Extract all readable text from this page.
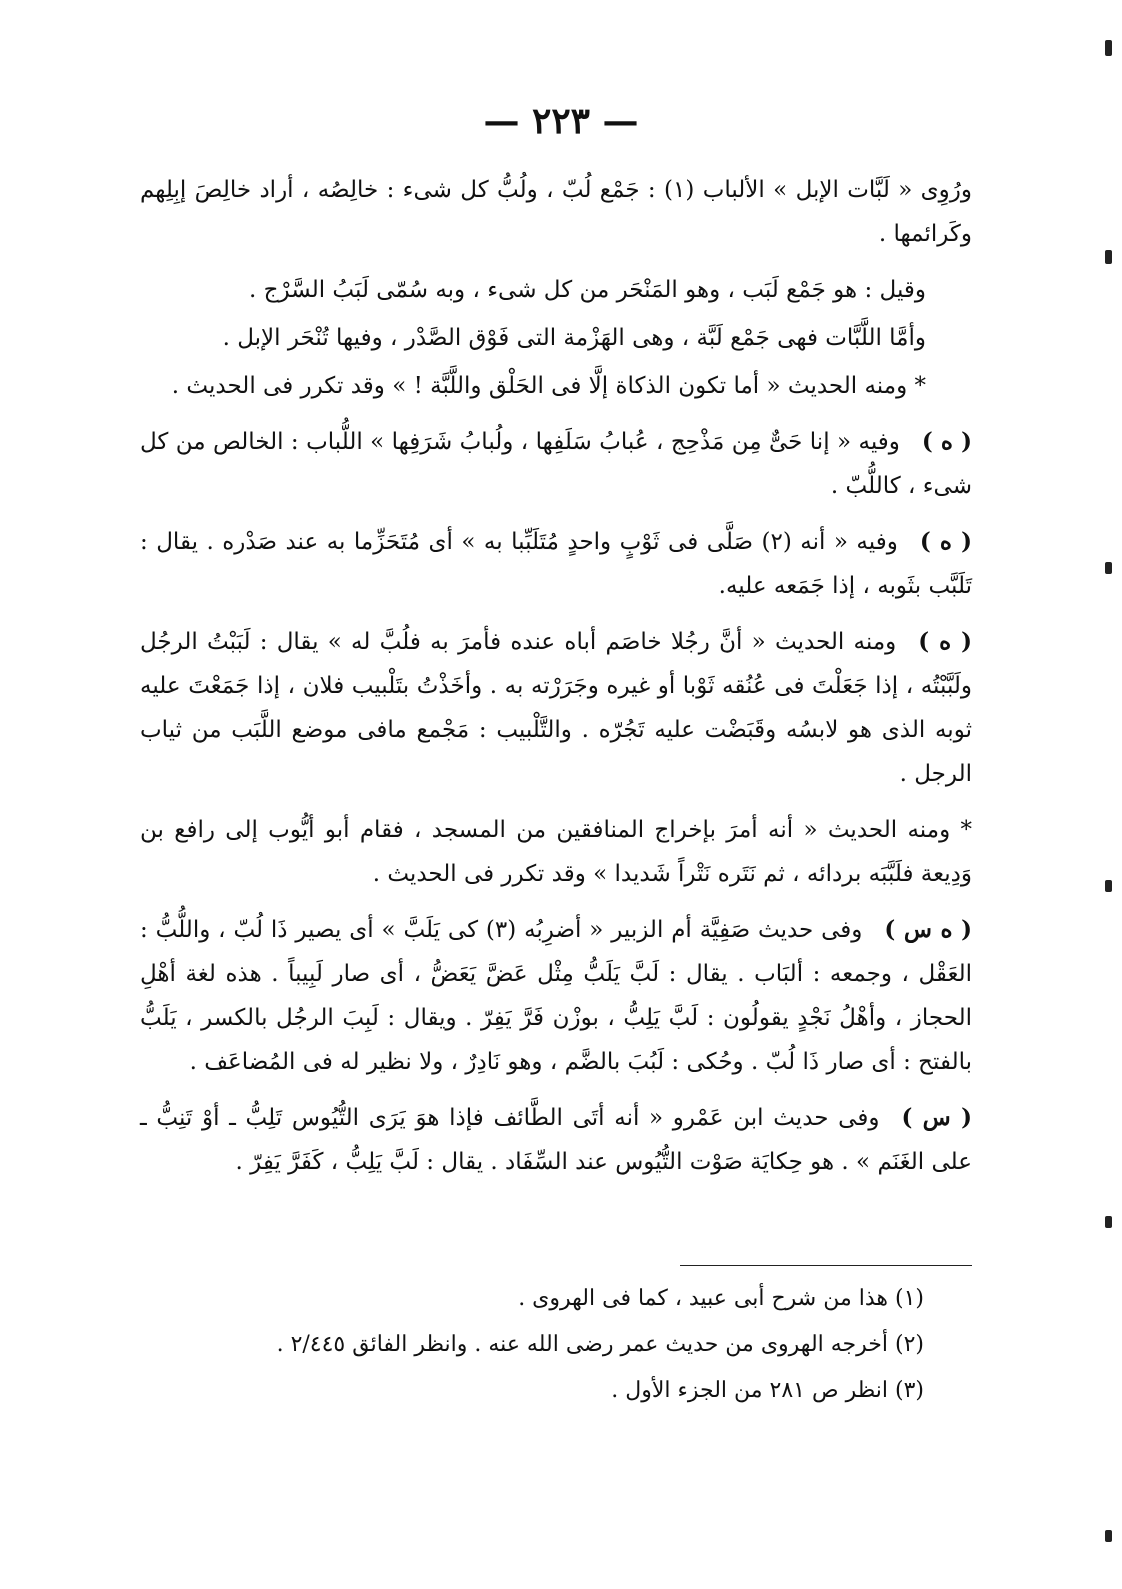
— ٢٢٣ —

ورُوِى « لَبَّات الإبل » الألباب (١) : جَمْع لُبّ ، ولُبُّ كل شىء : خالِصُه ، أراد خالِصَ إبِلِهم وكَرائمها .

وقيل : هو جَمْع لَبَب ، وهو المَنْحَر من كل شىء ، وبه سُمّى لَبَبُ السَّرْج .

وأمَّا اللَّبَّات فهى جَمْع لَبَّة ، وهى الهَزْمة التى فَوْق الصَّدْر ، وفيها تُنْحَر الإبل .

* ومنه الحديث « أما تكون الذكاة إلَّا فى الحَلْق واللَّبَّة ! » وقد تكرر فى الحديث .

( ه )وفيه « إنا حَىٌّ مِن مَذْحِج ، عُبابُ سَلَفِها ، ولُبابُ شَرَفِها » اللُّباب : الخالص من كل شىء ، كاللُّبّ .

( ه )وفيه « أنه (٢) صَلَّى فى ثَوْبٍ واحدٍ مُتَلَبِّبا به » أى مُتَحَزِّما به عند صَدْره . يقال : تَلَبَّب بثَوبه ، إذا جَمَعه عليه.

( ه )ومنه الحديث « أنَّ رجُلا خاصَم أباه عنده فأمرَ به فلُبَّ له » يقال : لَبَبْتُ الرجُل ولَبَّبْتُه ، إذا جَعَلْتَ فى عُنُقه ثَوْبا أو غيره وجَرَرْته به . وأخَذْتُ بتَلْبيب فلان ، إذا جَمَعْتَ عليه ثوبه الذى هو لابسُه وقَبَضْت عليه تَجُرّه . والتَّلْبيب : مَجْمع مافى موضع اللَّبَب من ثياب الرجل .

* ومنه الحديث « أنه أمرَ بإخراج المنافقين من المسجد ، فقام أبو أيُّوب إلى رافع بن وَدِيعة فلَبَّبَه بردائه ، ثم نَتَره نَتْراً شَديدا » وقد تكرر فى الحديث .

( ه س )وفى حديث صَفِيَّة أم الزبير « أضرِبُه (٣) كى يَلَبَّ » أى يصير ذَا لُبّ ، واللُّبُّ : العَقْل ، وجمعه : ألبَاب . يقال : لَبَّ يَلَبُّ مِثْل عَضَّ يَعَضُّ ، أى صار لَبِيباً . هذه لغة أهْلِ الحجاز ، وأهْلُ نَجْدٍ يقولُون : لَبَّ يَلِبُّ ، بوزْن فَرَّ يَفِرّ . ويقال : لَبِبَ الرجُل بالكسر ، يَلَبُّ بالفتح : أى صار ذَا لُبّ . وحُكى : لَبُبَ بالضَّم ، وهو نَادِرٌ ، ولا نظير له فى المُضاعَف .

( س )وفى حديث ابن عَمْرو « أنه أتَى الطَّائف فإذا هوَ يَرَى التُّيُوس تَلِبُّ ـ أوْ تَنِبُّ ـ على الغَنَم » . هو حِكايَة صَوْت التُّيُوس عند السِّفَاد . يقال : لَبَّ يَلِبُّ ، كَفَرَّ يَفِرّ .

(١) هذا من شرح أبى عبيد ، كما فى الهروى .

(٢) أخرجه الهروى من حديث عمر رضى الله عنه . وانظر الفائق ٢/٤٤٥ .

(٣) انظر ص ٢٨١ من الجزء الأول .
